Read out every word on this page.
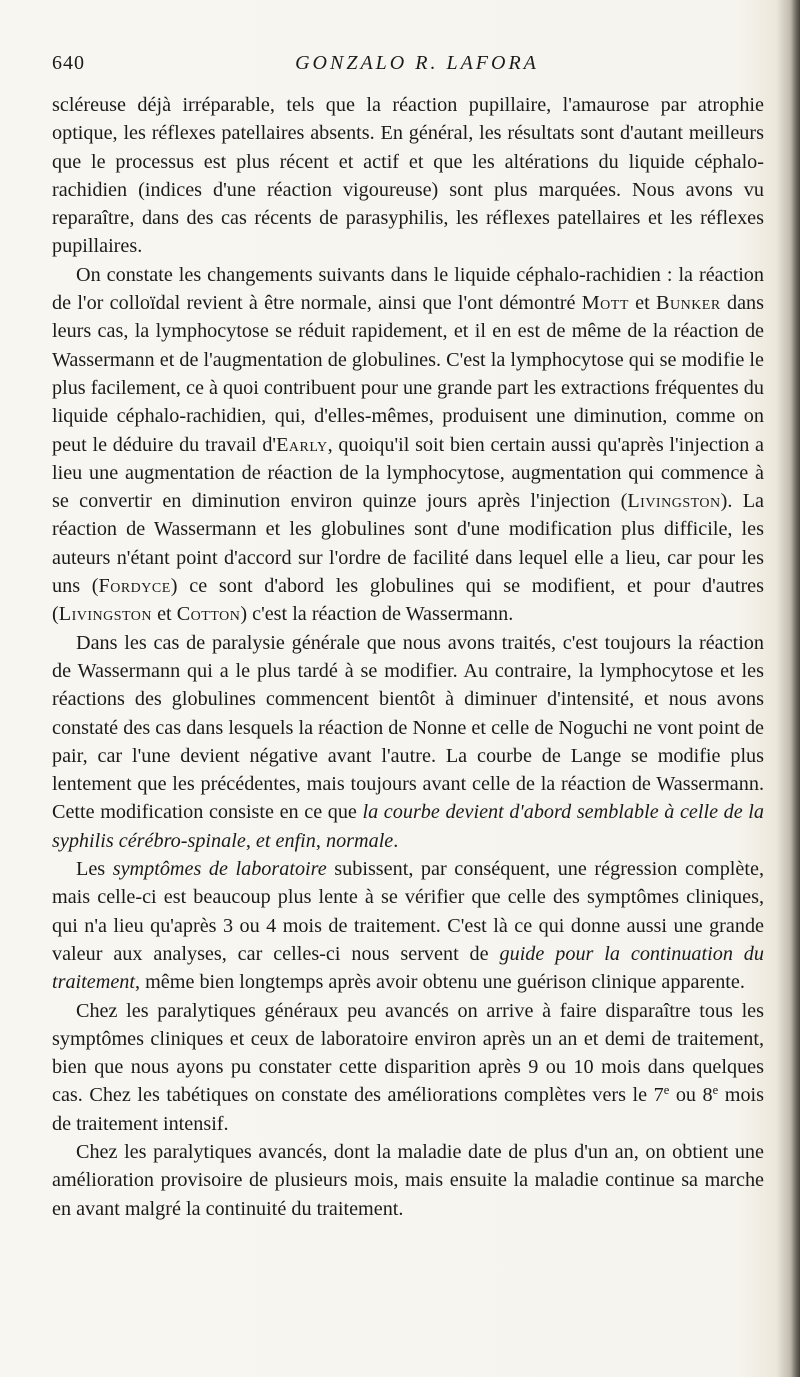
640	GONZALO R. LAFORA

scléreuse déjà irréparable, tels que la réaction pupillaire, l'amaurose par atrophie optique, les réflexes patellaires absents. En général, les résultats sont d'autant meilleurs que le processus est plus récent et actif et que les altérations du liquide céphalo-rachidien (indices d'une réaction vigoureuse) sont plus marquées. Nous avons vu reparaître, dans des cas récents de parasyphilis, les réflexes patellaires et les réflexes pupillaires.

On constate les changements suivants dans le liquide céphalo-rachidien : la réaction de l'or colloïdal revient à être normale, ainsi que l'ont démontré Mott et Bunker dans leurs cas, la lymphocytose se réduit rapidement, et il en est de même de la réaction de Wassermann et de l'augmentation de globulines. C'est la lymphocytose qui se modifie le plus facilement, ce à quoi contribuent pour une grande part les extractions fréquentes du liquide céphalo-rachidien, qui, d'elles-mêmes, produisent une diminution, comme on peut le déduire du travail d'Early, quoiqu'il soit bien certain aussi qu'après l'injection a lieu une augmentation de réaction de la lymphocytose, augmentation qui commence à se convertir en diminution environ quinze jours après l'injection (Livingston). La réaction de Wassermann et les globulines sont d'une modification plus difficile, les auteurs n'étant point d'accord sur l'ordre de facilité dans lequel elle a lieu, car pour les uns (Fordyce) ce sont d'abord les globulines qui se modifient, et pour d'autres (Livingston et Cotton) c'est la réaction de Wassermann.

Dans les cas de paralysie générale que nous avons traités, c'est toujours la réaction de Wassermann qui a le plus tardé à se modifier. Au contraire, la lymphocytose et les réactions des globulines commencent bientôt à diminuer d'intensité, et nous avons constaté des cas dans lesquels la réaction de Nonne et celle de Noguchi ne vont point de pair, car l'une devient négative avant l'autre. La courbe de Lange se modifie plus lentement que les précédentes, mais toujours avant celle de la réaction de Wassermann. Cette modification consiste en ce que la courbe devient d'abord semblable à celle de la syphilis cérébro-spinale, et enfin, normale.

Les symptômes de laboratoire subissent, par conséquent, une régression complète, mais celle-ci est beaucoup plus lente à se vérifier que celle des symptômes cliniques, qui n'a lieu qu'après 3 ou 4 mois de traitement. C'est là ce qui donne aussi une grande valeur aux analyses, car celles-ci nous servent de guide pour la continuation du traitement, même bien longtemps après avoir obtenu une guérison clinique apparente.

Chez les paralytiques généraux peu avancés on arrive à faire disparaître tous les symptômes cliniques et ceux de laboratoire environ après un an et demi de traitement, bien que nous ayons pu constater cette disparition après 9 ou 10 mois dans quelques cas. Chez les tabétiques on constate des améliorations complètes vers le 7e ou 8e mois de traitement intensif.

Chez les paralytiques avancés, dont la maladie date de plus d'un an, on obtient une amélioration provisoire de plusieurs mois, mais ensuite la maladie continue sa marche en avant malgré la continuité du traitement.
